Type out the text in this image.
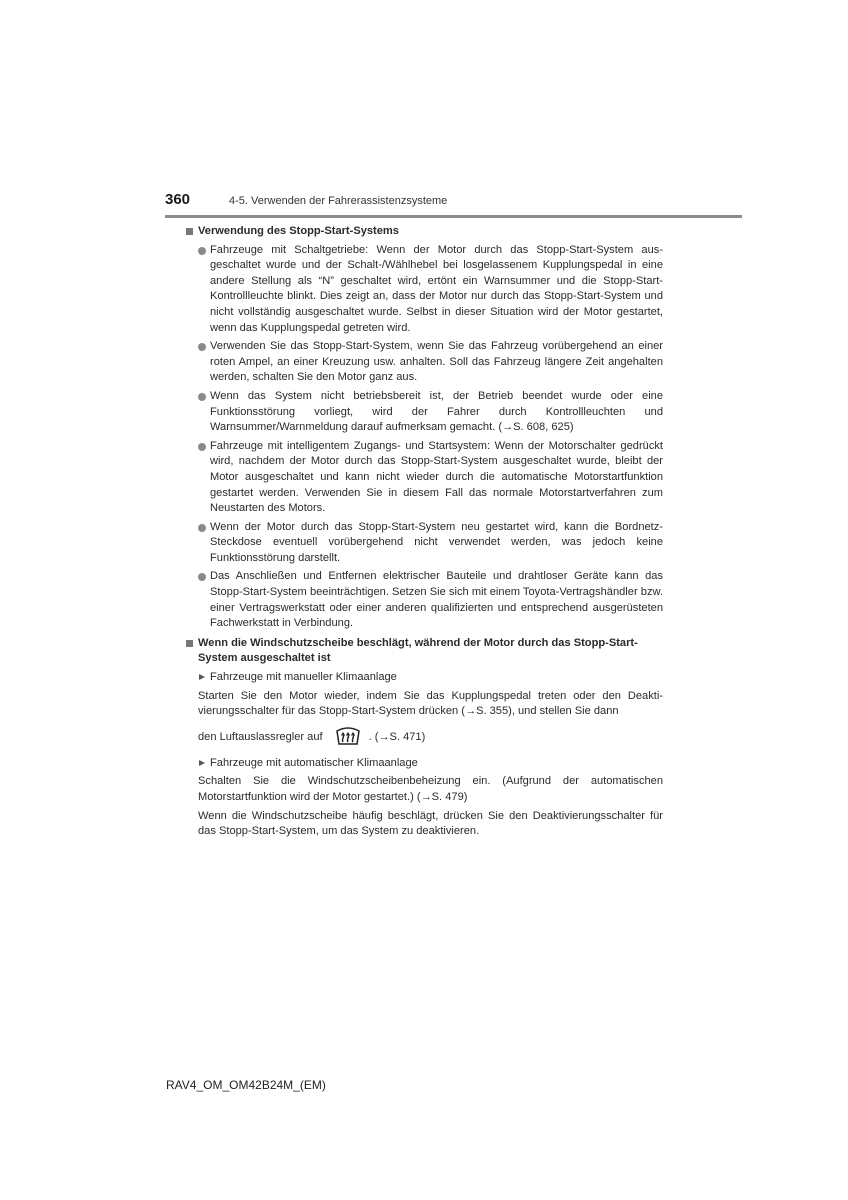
360	4-5. Verwenden der Fahrerassistenzsysteme

Verwendung des Stopp-Start-Systems

Fahrzeuge mit Schaltgetriebe: Wenn der Motor durch das Stopp-Start-System ausgeschaltet wurde und der Schalt-/Wählhebel bei losgelassenem Kupplungspedal in eine andere Stellung als “N” geschaltet wird, ertönt ein Warnsummer und die Stopp-Start-Kontrollleuchte blinkt. Dies zeigt an, dass der Motor nur durch das Stopp-Start-System und nicht vollständig ausgeschaltet wurde. Selbst in dieser Situation wird der Motor gestartet, wenn das Kupplungspedal getreten wird.

Verwenden Sie das Stopp-Start-System, wenn Sie das Fahrzeug vorübergehend an einer roten Ampel, an einer Kreuzung usw. anhalten. Soll das Fahrzeug längere Zeit angehalten werden, schalten Sie den Motor ganz aus.

Wenn das System nicht betriebsbereit ist, der Betrieb beendet wurde oder eine Funktionsstörung vorliegt, wird der Fahrer durch Kontrollleuchten und Warnsummer/Warnmeldung darauf aufmerksam gemacht. (→S. 608, 625)

Fahrzeuge mit intelligentem Zugangs- und Startsystem: Wenn der Motorschalter gedrückt wird, nachdem der Motor durch das Stopp-Start-System ausgeschaltet wurde, bleibt der Motor ausgeschaltet und kann nicht wieder durch die automatische Motorstartfunktion gestartet werden. Verwenden Sie in diesem Fall das normale Motorstartverfahren zum Neustarten des Motors.

Wenn der Motor durch das Stopp-Start-System neu gestartet wird, kann die Bordnetz-Steckdose eventuell vorübergehend nicht verwendet werden, was jedoch keine Funktionsstörung darstellt.

Das Anschließen und Entfernen elektrischer Bauteile und drahtloser Geräte kann das Stopp-Start-System beeinträchtigen. Setzen Sie sich mit einem Toyota-Vertragshändler bzw. einer Vertragswerkstatt oder einer anderen qualifizierten und entsprechend ausgerüsteten Fachwerkstatt in Verbindung.

Wenn die Windschutzscheibe beschlägt, während der Motor durch das Stopp-Start-System ausgeschaltet ist

Fahrzeuge mit manueller Klimaanlage

Starten Sie den Motor wieder, indem Sie das Kupplungspedal treten oder den Deaktivierungsschalter für das Stopp-Start-System drücken (→S. 355), und stellen Sie dann

den Luftauslassregler auf	. (→S. 471)

Fahrzeuge mit automatischer Klimaanlage

Schalten Sie die Windschutzscheibenbeheizung ein. (Aufgrund der automatischen Motorstartfunktion wird der Motor gestartet.) (→S. 479)

Wenn die Windschutzscheibe häufig beschlägt, drücken Sie den Deaktivierungsschalter für das Stopp-Start-System, um das System zu deaktivieren.

RAV4_OM_OM42B24M_(EM)
